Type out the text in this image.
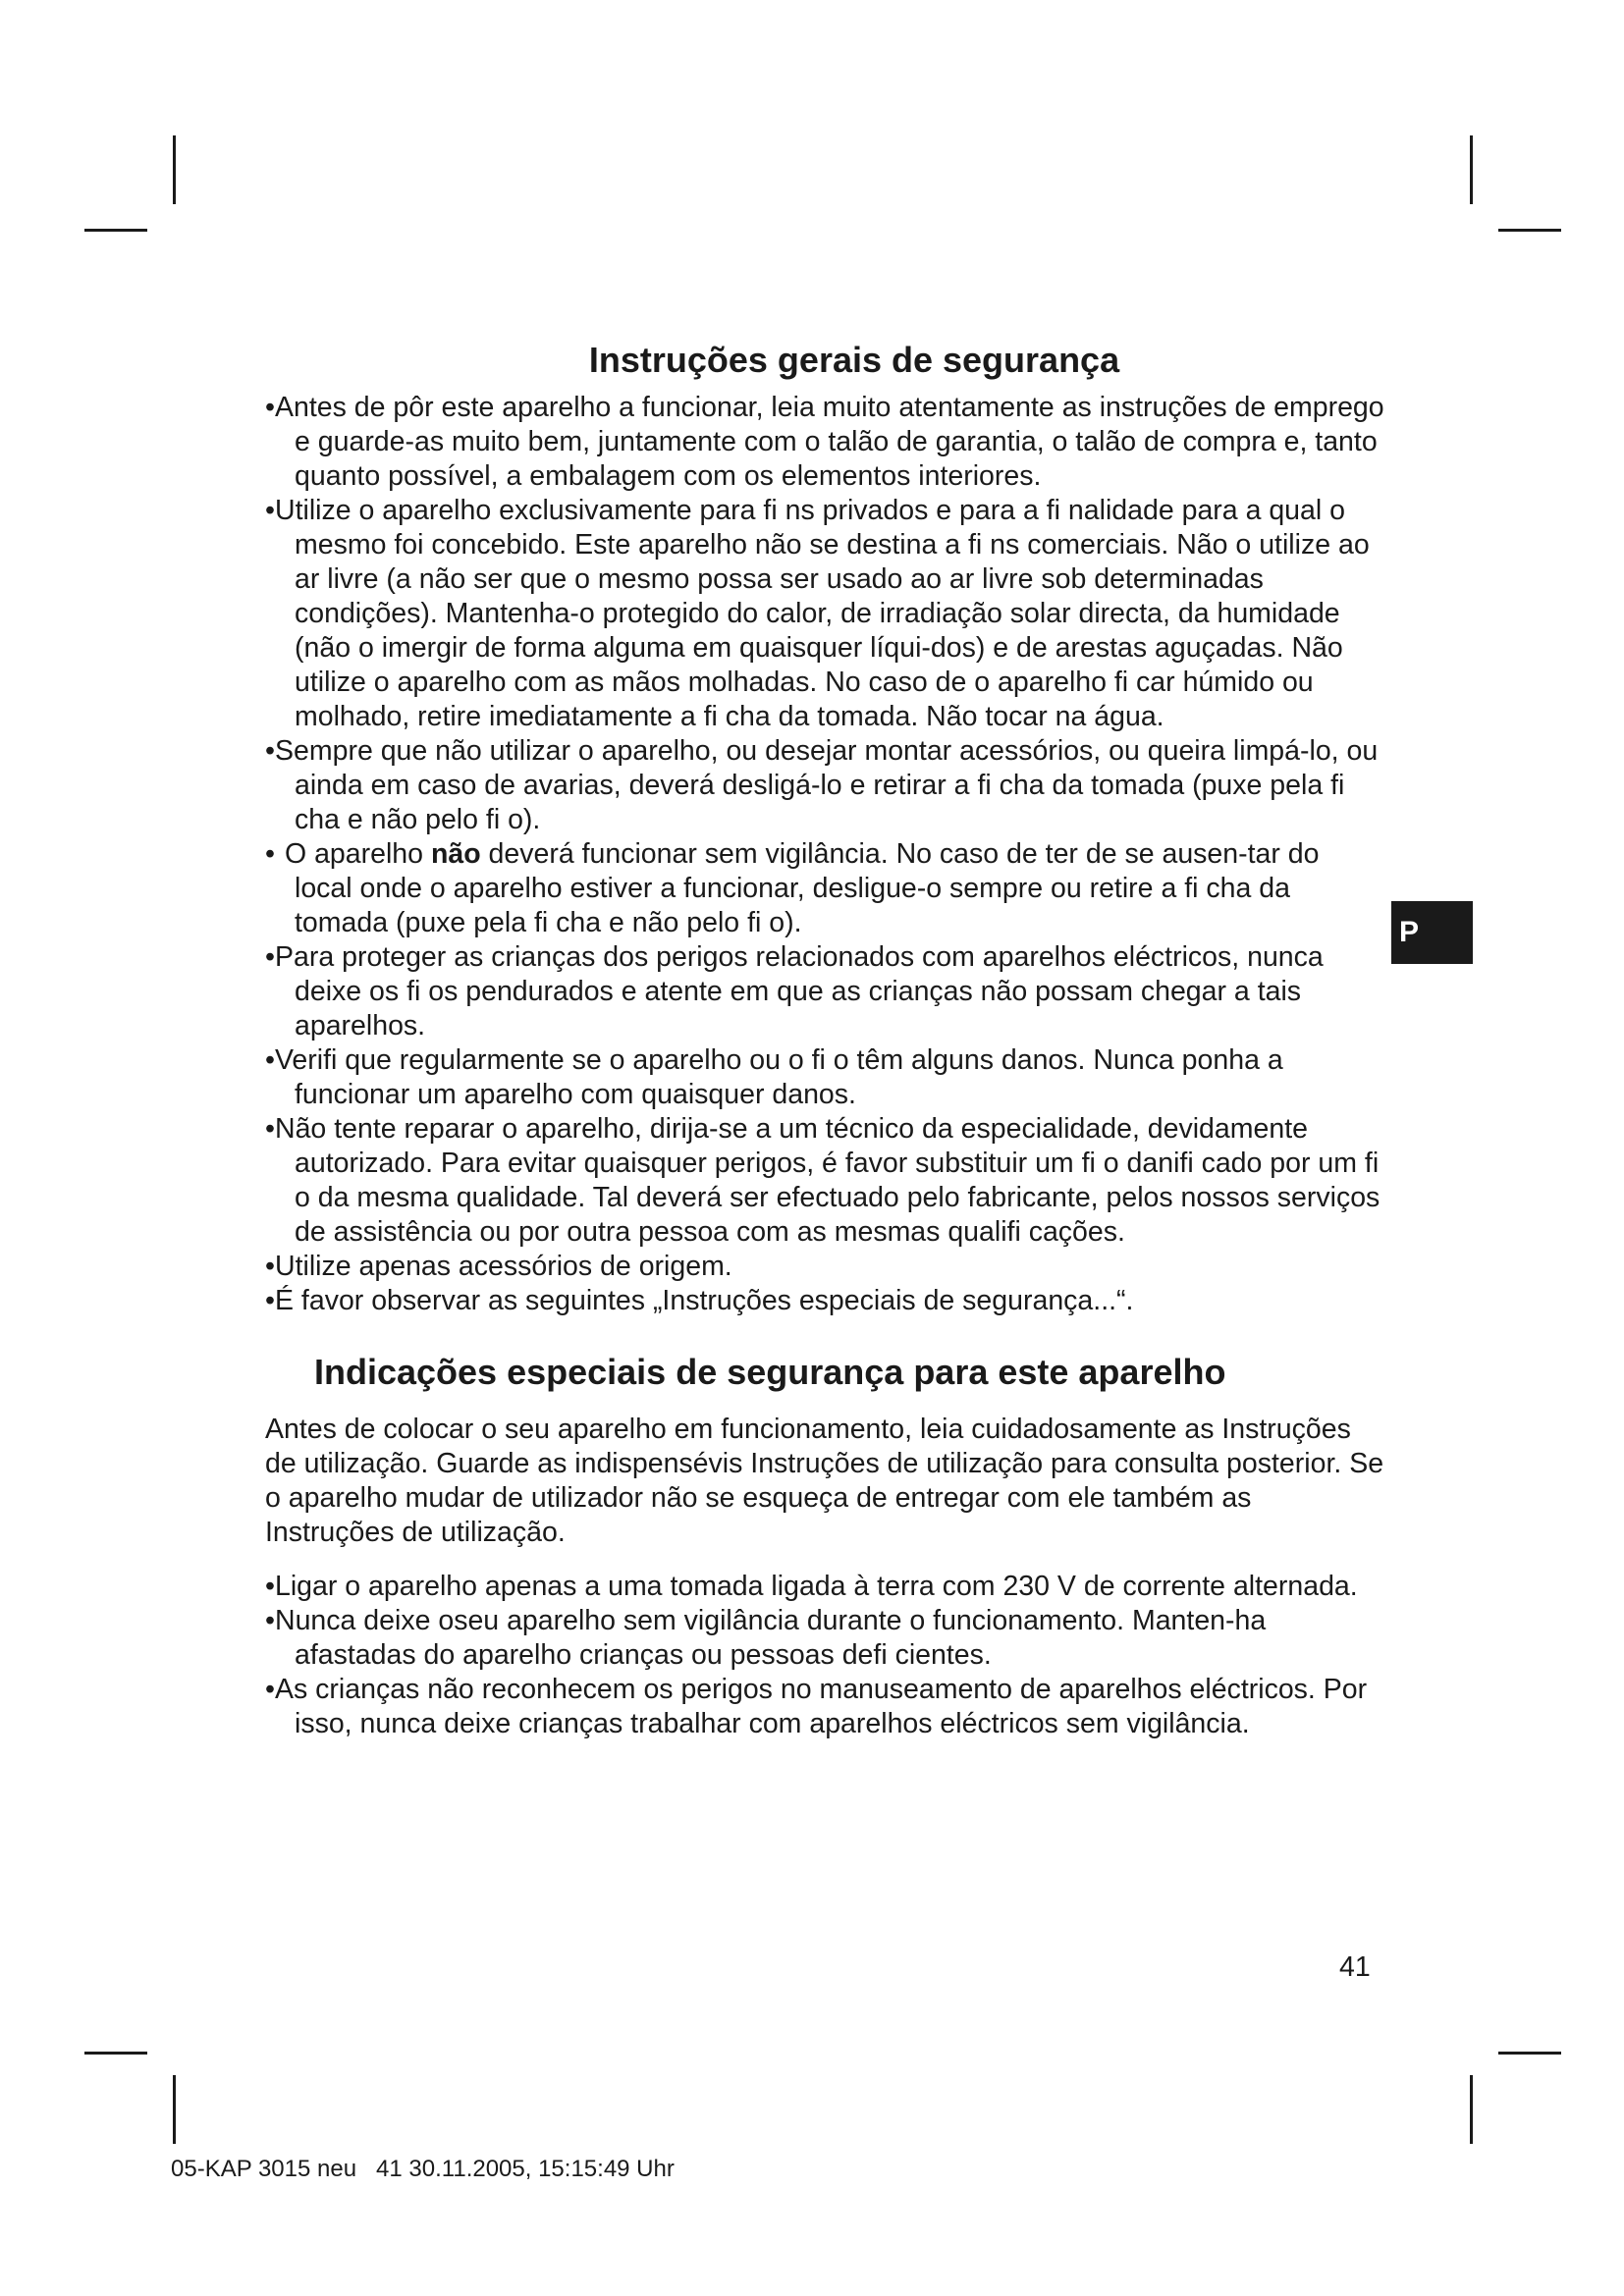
Instruções gerais de segurança
• Antes de pôr este aparelho a funcionar, leia muito atentamente as instruções de emprego e guarde-as muito bem, juntamente com o talão de garantia, o talão de compra e, tanto quanto possível, a embalagem com os elementos interiores.
• Utilize o aparelho exclusivamente para fi ns privados e para a fi nalidade para a qual o mesmo foi concebido. Este aparelho não se destina a fi ns comerciais. Não o utilize ao ar livre (a não ser que o mesmo possa ser usado ao ar livre sob determinadas condições). Mantenha-o protegido do calor, de irradiação solar directa, da humidade (não o imergir de forma alguma em quaisquer líqui-dos) e de arestas aguçadas. Não utilize o aparelho com as mãos molhadas. No caso de o aparelho fi car húmido ou molhado, retire imediatamente a fi cha da tomada. Não tocar na água.
• Sempre que não utilizar o aparelho, ou desejar montar acessórios, ou queira limpá-lo, ou ainda em caso de avarias, deverá desligá-lo e retirar a fi cha da tomada (puxe pela fi cha e não pelo fi o).
• O aparelho não deverá funcionar sem vigilância. No caso de ter de se ausen-tar do local onde o aparelho estiver a funcionar, desligue-o sempre ou retire a fi cha da tomada (puxe pela fi cha e não pelo fi o).
• Para proteger as crianças dos perigos relacionados com aparelhos eléctricos, nunca deixe os fi os pendurados e atente em que as crianças não possam chegar a tais aparelhos.
• Verifi que regularmente se o aparelho ou o fi o têm alguns danos. Nunca ponha a funcionar um aparelho com quaisquer danos.
• Não tente reparar o aparelho, dirija-se a um técnico da especialidade, devidamente autorizado. Para evitar quaisquer perigos, é favor substituir um fi o danifi cado por um fi o da mesma qualidade. Tal deverá ser efectuado pelo fabricante, pelos nossos serviços de assistência ou por outra pessoa com as mesmas qualifi cações.
• Utilize apenas acessórios de origem.
• É favor observar as seguintes „Instruções especiais de segurança...“.
Indicações especiais de segurança para este aparelho

Antes de colocar o seu aparelho em funcionamento, leia cuidadosamente as Instruções de utilização. Guarde as indispensévis Instruções de utilização para consulta posterior. Se o aparelho mudar de utilizador não se esqueça de entregar com ele também as Instruções de utilização.

• Ligar o aparelho apenas a uma tomada ligada à terra com 230 V de corrente alternada.
• Nunca deixe oseu aparelho sem vigilância durante o funcionamento. Manten-ha afastadas do aparelho crianças ou pessoas defi cientes.
• As crianças não reconhecem os perigos no manuseamento de aparelhos eléctricos. Por isso, nunca deixe crianças trabalhar com aparelhos eléctricos sem vigilância.
P
41
05-KAP 3015 neu   41 30.11.2005, 15:15:49 Uhr
